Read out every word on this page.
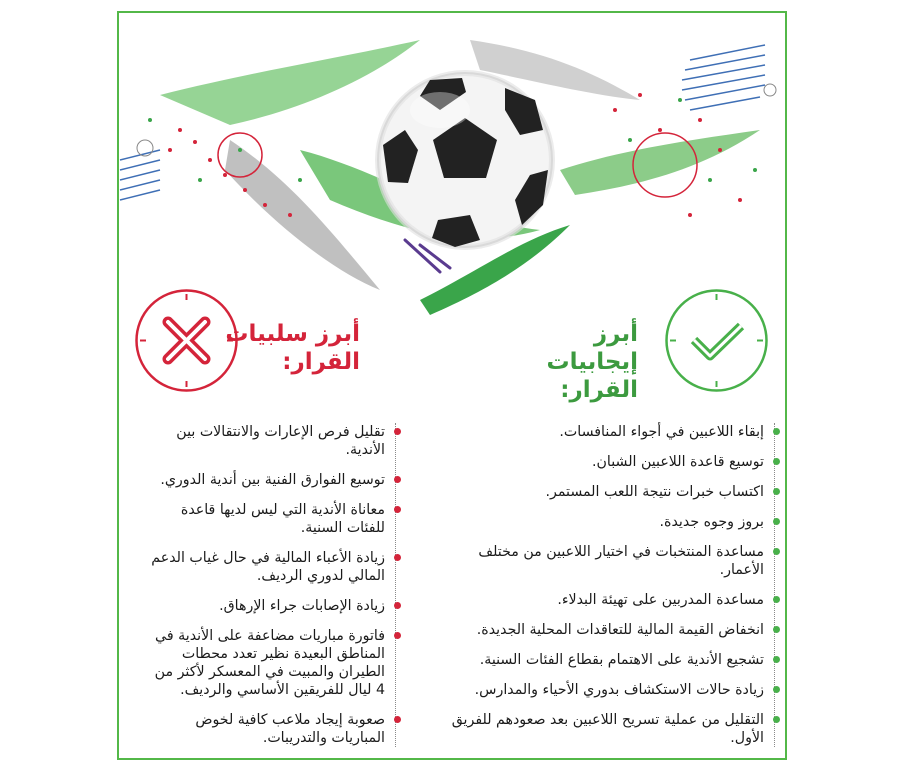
أبرز إيجابيات القرار:
أبرز سلبيات القرار:
إبقاء اللاعبين في أجواء المنافسات.
توسيع قاعدة اللاعبين الشبان.
اكتساب خبرات نتيجة اللعب المستمر.
بروز وجوه جديدة.
مساعدة المنتخبات في اختيار اللاعبين من مختلف الأعمار.
مساعدة المدربين على تهيئة البدلاء.
انخفاض القيمة المالية للتعاقدات المحلية الجديدة.
تشجيع الأندية على الاهتمام بقطاع الفئات السنية.
زيادة حالات الاستكشاف بدوري الأحياء والمدارس.
التقليل من عملية تسريح اللاعبين بعد صعودهم للفريق الأول.
تقليل فرص الإعارات والانتقالات بين الأندية.
توسيع الفوارق الفنية بين أندية الدوري.
معاناة الأندية التي ليس لديها قاعدة للفئات السنية.
زيادة الأعباء المالية في حال غياب الدعم المالي لدوري الرديف.
زيادة الإصابات جراء الإرهاق.
فاتورة مباريات مضاعفة على الأندية في المناطق البعيدة نظير تعدد محطات الطيران والمبيت في المعسكر لأكثر من 4 ليال للفريقين الأساسي والرديف.
صعوبة إيجاد ملاعب كافية لخوض المباريات والتدريبات.
